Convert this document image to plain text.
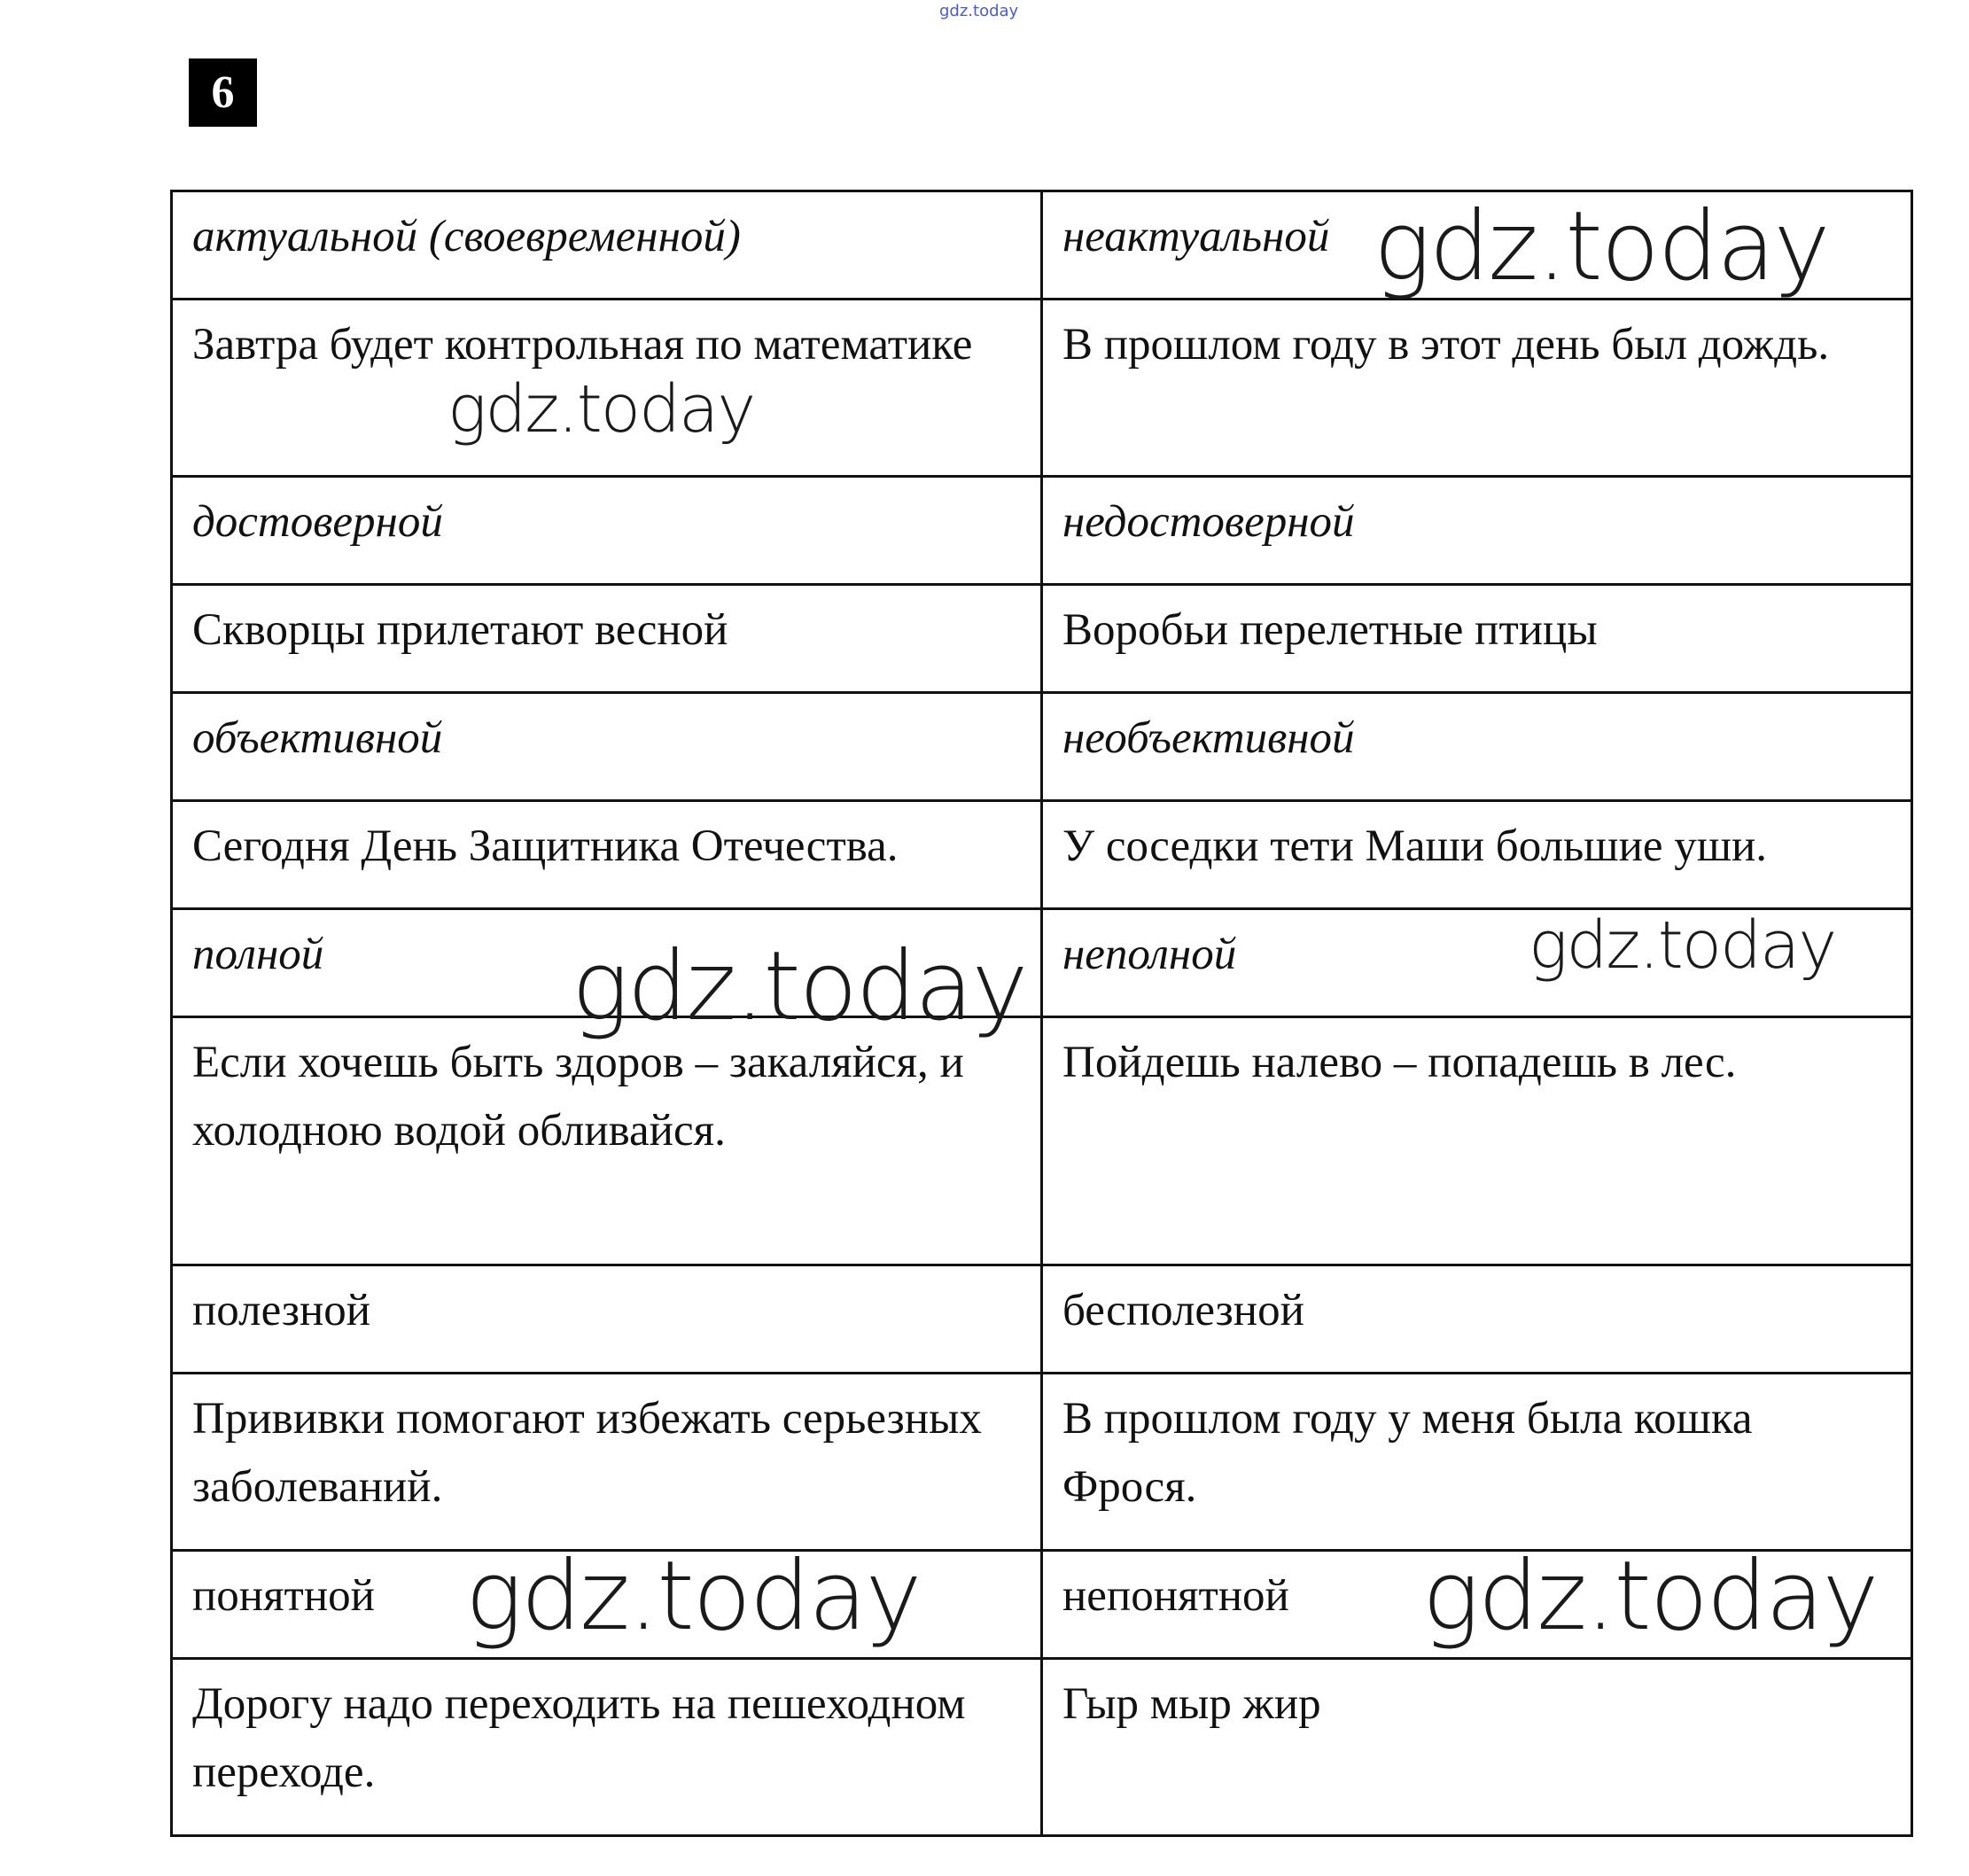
gdz.today
6
актуальной (своевременной)	неактуальной
Завтра будет контрольная по математике	В прошлом году в этот день был дождь.
достоверной	недостоверной
Скворцы прилетают весной	Воробьи перелетные птицы
объективной	необъективной
Сегодня День Защитника Отечества.	У соседки тети Маши большие уши.
полной	неполной
Если хочешь быть здоров – закаляйся, и холодною водой обливайся.	Пойдешь налево – попадешь в лес.
полезной	бесполезной
Прививки помогают избежать серьезных заболеваний.	В прошлом году у меня была кошка Фрося.
понятной	непонятной
Дорогу надо переходить на пешеходном переходе.	Гыр мыр жир
gdz.today
gdz.today
gdz.today	gdz.today
gdz.today	gdz.today
